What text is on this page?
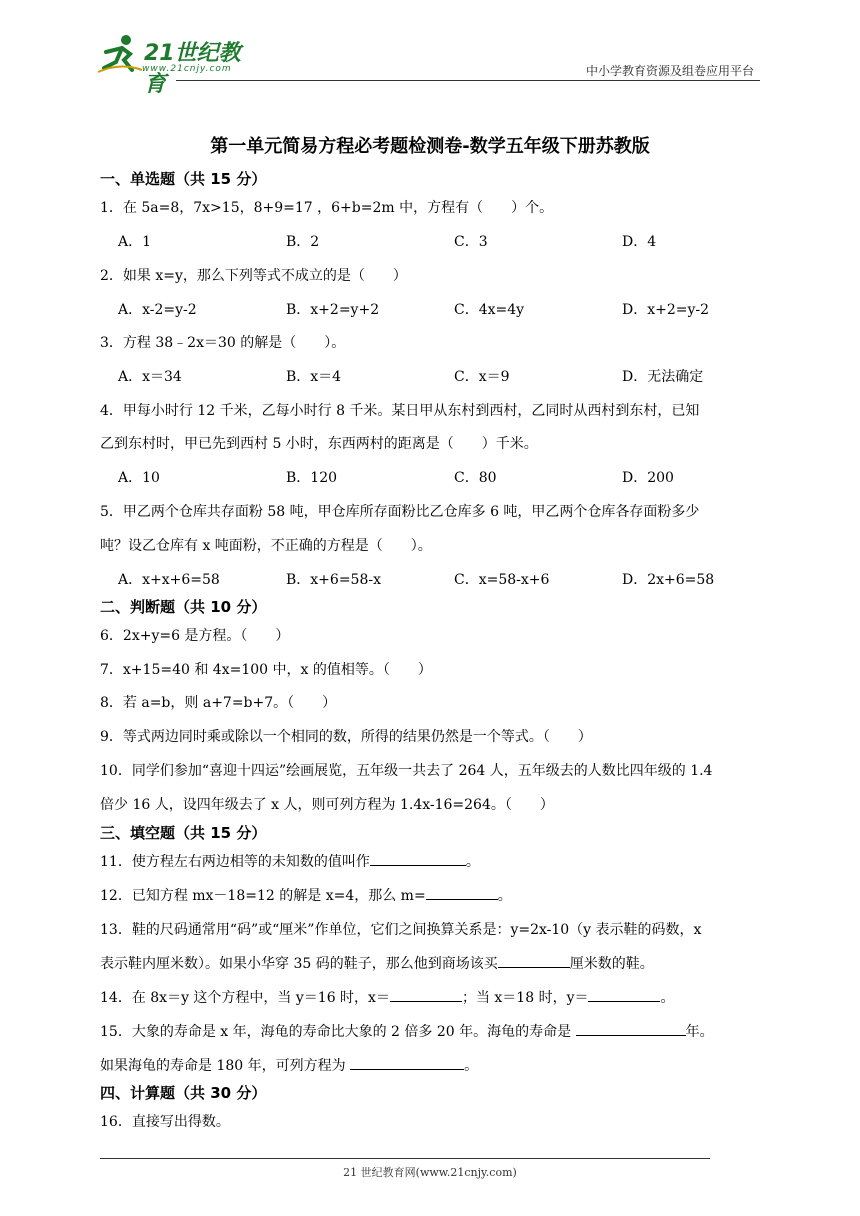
21世纪教育
www.21cnjy.com	中小学教育资源及组卷应用平台
第一单元简易方程必考题检测卷-数学五年级下册苏教版
一、单选题（共 15 分）
1．在 5a=8，7x>15，8+9=17 ，6+b=2m 中，方程有（　　）个。
A．1	B．2	C．3	D．4
2．如果 x=y，那么下列等式不成立的是（　　）
A．x-2=y-2	B．x+2=y+2	C．4x=4y	D．x+2=y-2
3．方程 38﹣2x＝30 的解是（　　）。
A．x＝34	B．x＝4	C．x＝9	D．无法确定
4．甲每小时行 12 千米，乙每小时行 8 千米。某日甲从东村到西村，乙同时从西村到东村，已知
乙到东村时，甲已先到西村 5 小时，东西两村的距离是（　　）千米。
A．10	B．120	C．80	D．200
5．甲乙两个仓库共存面粉 58 吨，甲仓库所存面粉比乙仓库多 6 吨，甲乙两个仓库各存面粉多少
吨？设乙仓库有 x 吨面粉，不正确的方程是（　　）。
A．x+x+6=58	B．x+6=58-x	C．x=58-x+6	D．2x+6=58
二、判断题（共 10 分）
6．2x+y=6 是方程。（　　）
7．x+15=40 和 4x=100 中，x 的值相等。（　　）
8．若 a=b，则 a+7=b+7。（　　）
9．等式两边同时乘或除以一个相同的数，所得的结果仍然是一个等式。（　　）
10．同学们参加“喜迎十四运”绘画展览，五年级一共去了 264 人，五年级去的人数比四年级的 1.4
倍少 16 人，设四年级去了 x 人，则可列方程为 1.4x-16=264。（　　）
三、填空题（共 15 分）
11．使方程左右两边相等的未知数的值叫作	。
12．已知方程 mx－18=12 的解是 x=4，那么 m=	。
13．鞋的尺码通常用“码”或“厘米”作单位，它们之间换算关系是：y=2x-10（y 表示鞋的码数，x
表示鞋内厘米数）。如果小华穿 35 码的鞋子，那么他到商场该买	厘米数的鞋。
14．在 8x＝y 这个方程中，当 y＝16 时，x＝	；当 x＝18 时，y＝	。
15．大象的寿命是 x 年，海龟的寿命比大象的 2 倍多 20 年。海龟的寿命是	年。
如果海龟的寿命是 180 年，可列方程为	。
四、计算题（共 30 分）
16．直接写出得数。
21 世纪教育网(www.21cnjy.com)
